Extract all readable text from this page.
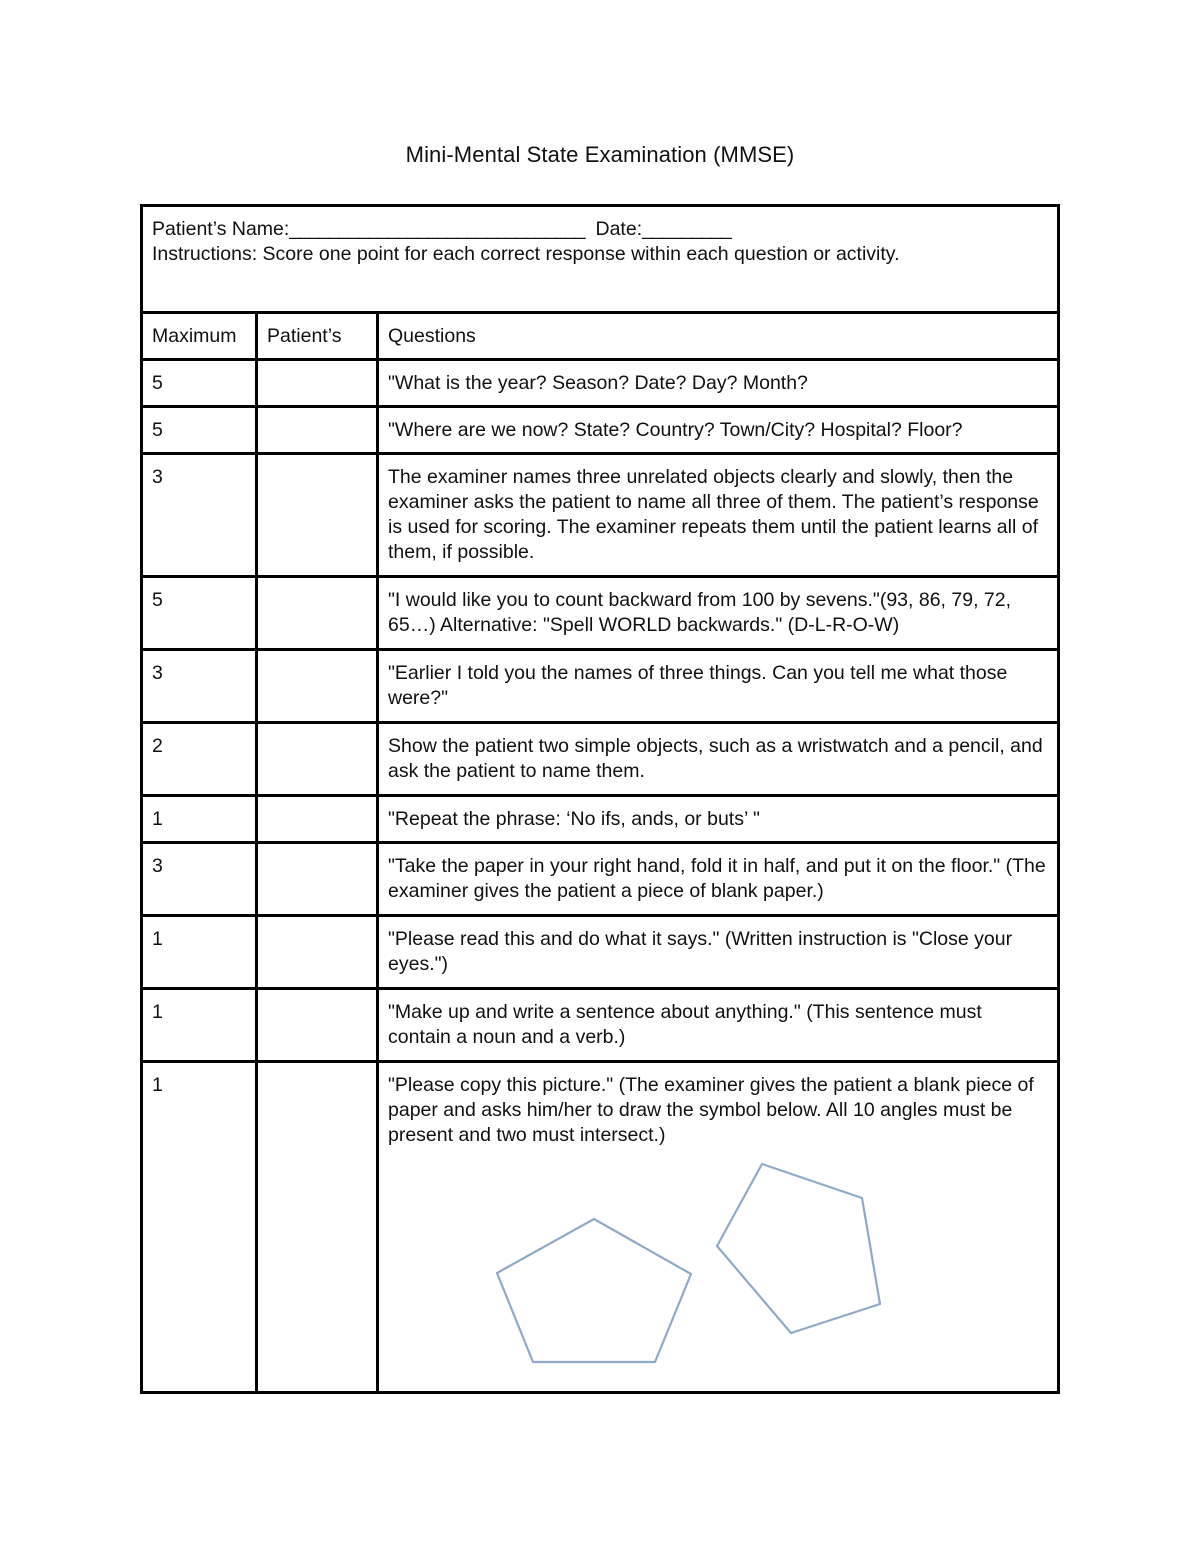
Mini-Mental State Examination (MMSE)
Patient’s Name:______________________________ Date:_________
Instructions: Score one point for each correct response within each question or activity.		

Maximum	Patient’s	Questions
5		"What is the year? Season? Date? Day? Month?
5		"Where are we now? State? Country? Town/City? Hospital? Floor?
3		The examiner names three unrelated objects clearly and slowly, then the examiner asks the patient to name all three of them. The patient’s response is used for scoring. The examiner repeats them until the patient learns all of them, if possible.
5		"I would like you to count backward from 100 by sevens."(93, 86, 79, 72, 65…) Alternative: "Spell WORLD backwards." (D-L-R-O-W)
3		"Earlier I told you the names of three things. Can you tell me what those were?"
2		Show the patient two simple objects, such as a wristwatch and a pencil, and ask the patient to name them.
1		"Repeat the phrase: ‘No ifs, ands, or buts’ "
3		"Take the paper in your right hand, fold it in half, and put it on the floor." (The examiner gives the patient a piece of blank paper.)
1		"Please read this and do what it says." (Written instruction is "Close your eyes.")
1		"Make up and write a sentence about anything." (This sentence must contain a noun and a verb.)
1		"Please copy this picture." (The examiner gives the patient a blank piece of paper and asks him/her to draw the symbol below. All 10 angles must be present and two must intersect.)
